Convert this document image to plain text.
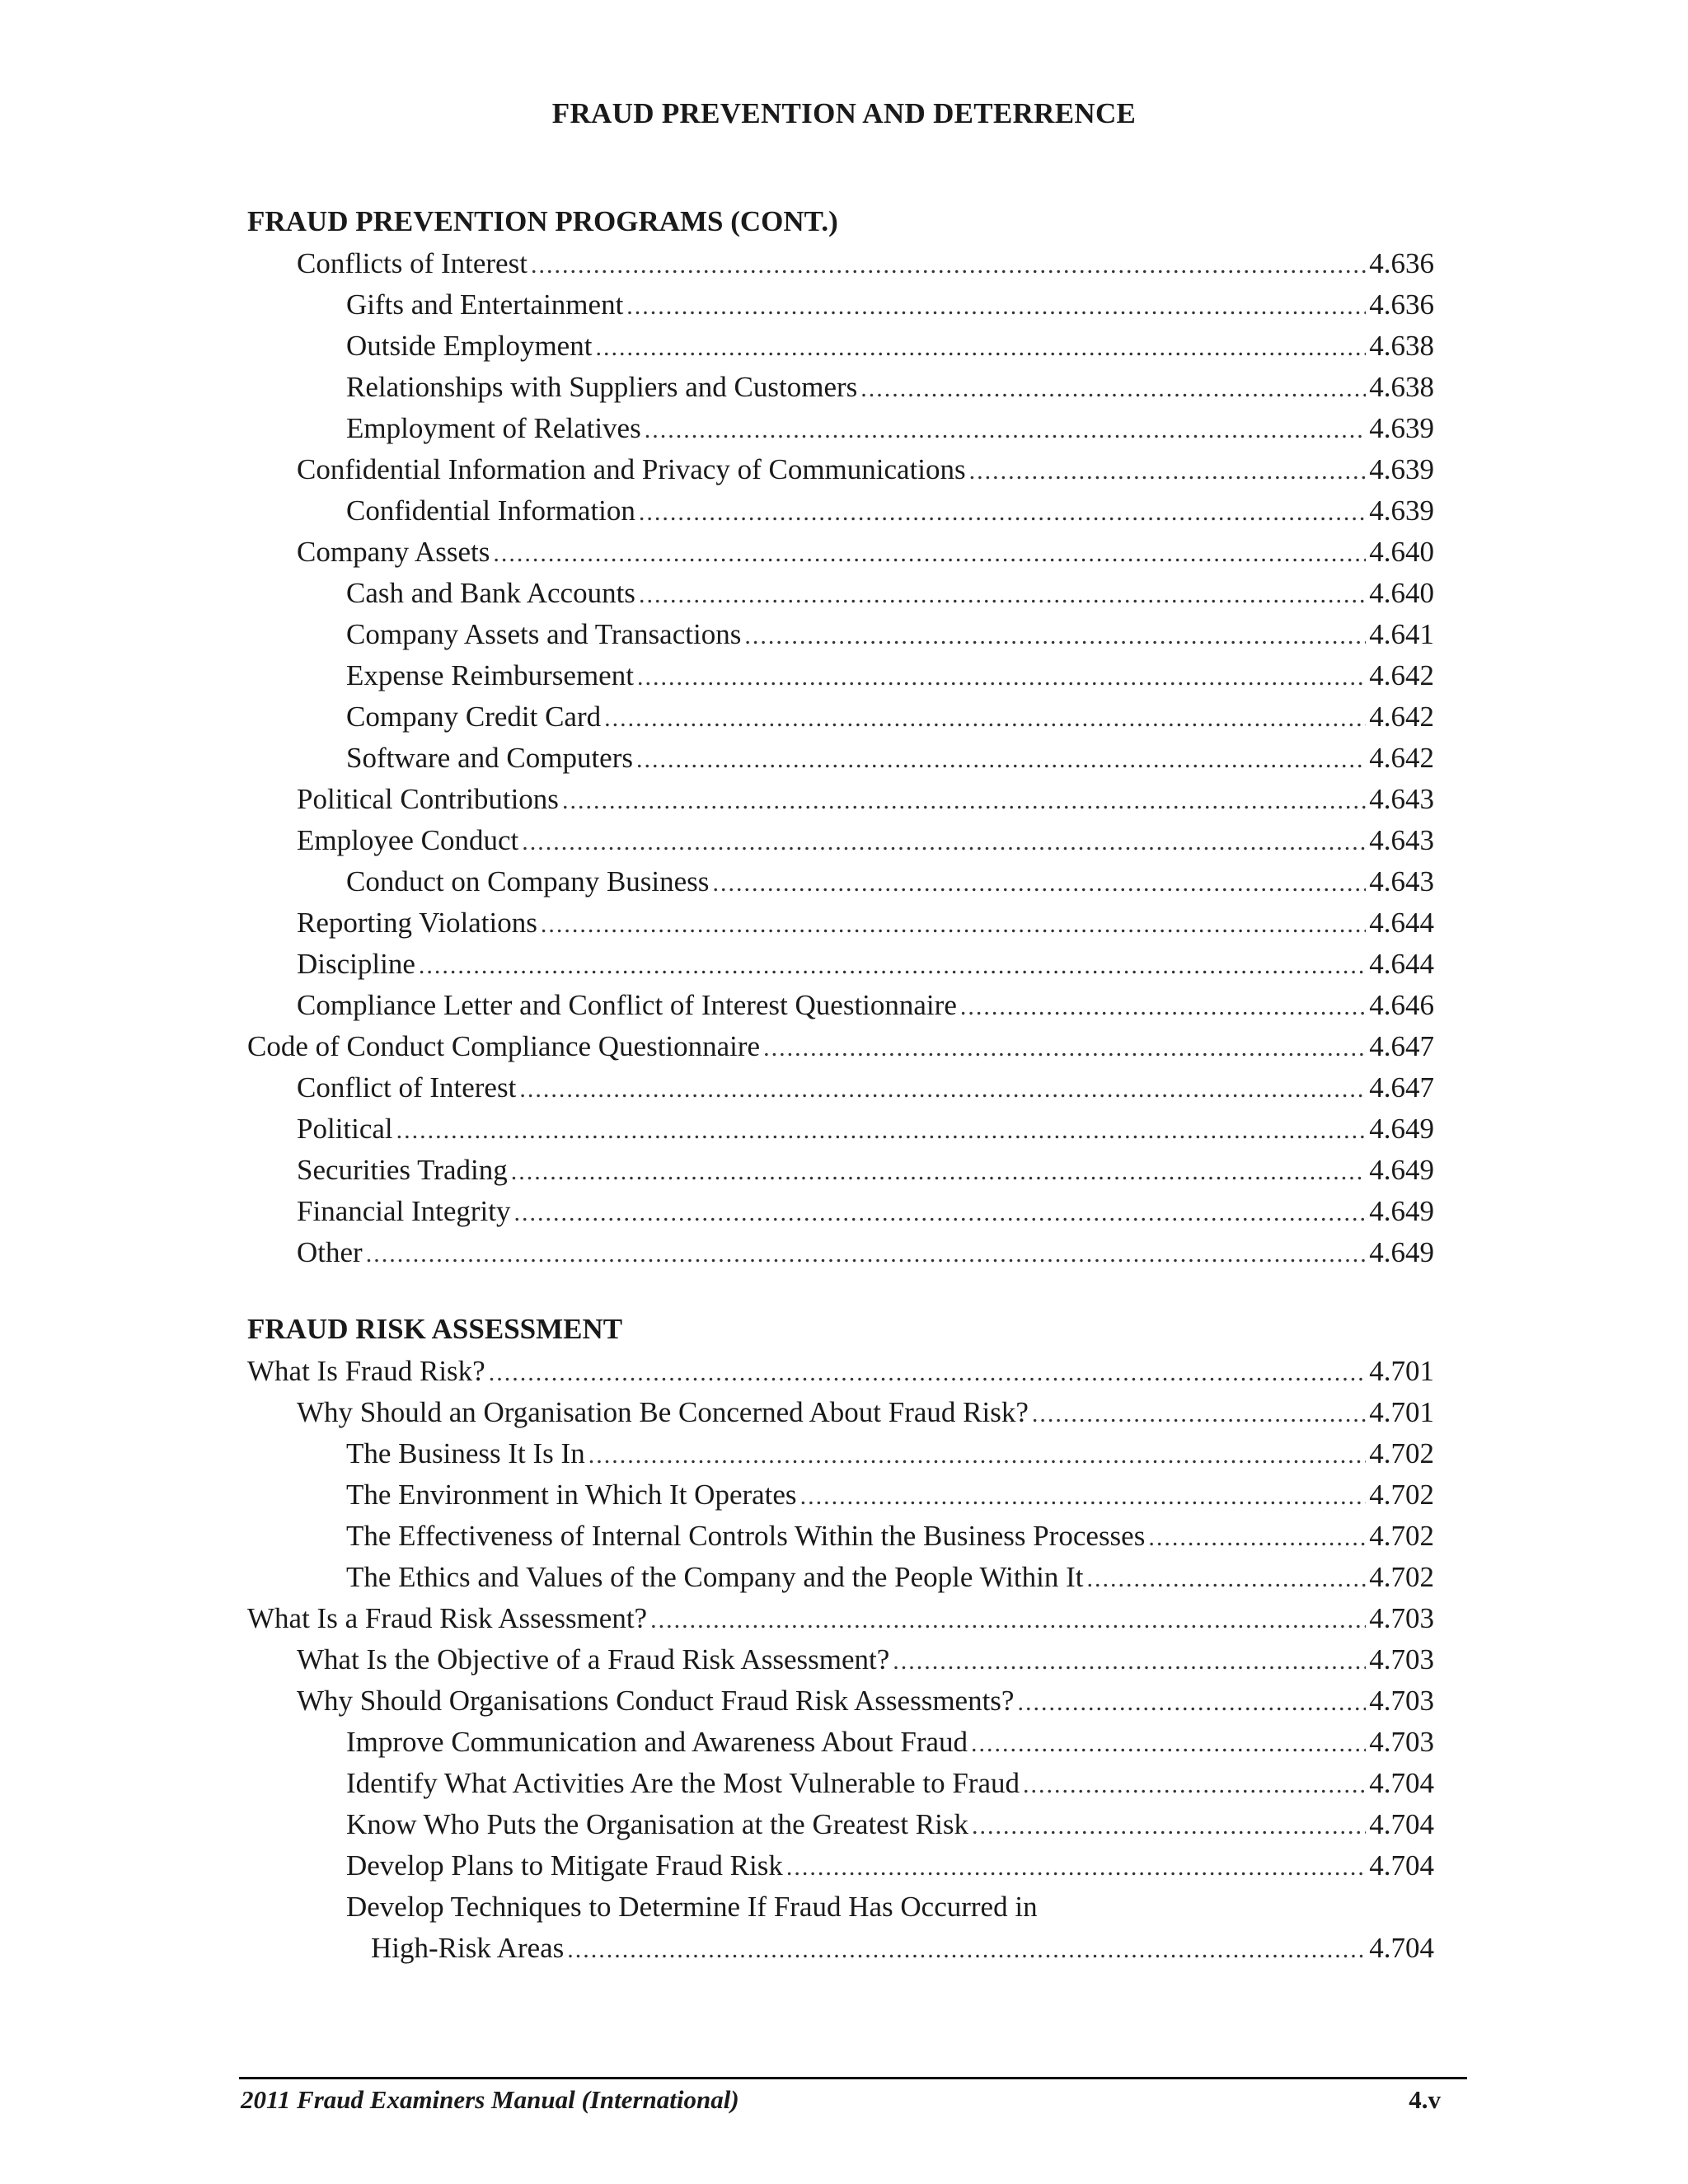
FRAUD PREVENTION AND DETERRENCE
FRAUD PREVENTION PROGRAMS (CONT.)
Conflicts of Interest .....	4.636
Gifts and Entertainment .....	4.636
Outside Employment .....	4.638
Relationships with Suppliers and Customers .....	4.638
Employment of Relatives .....	4.639
Confidential Information and Privacy of Communications .....	4.639
Confidential Information .....	4.639
Company Assets .....	4.640
Cash and Bank Accounts .....	4.640
Company Assets and Transactions .....	4.641
Expense Reimbursement .....	4.642
Company Credit Card .....	4.642
Software and Computers .....	4.642
Political Contributions .....	4.643
Employee Conduct .....	4.643
Conduct on Company Business .....	4.643
Reporting Violations .....	4.644
Discipline .....	4.644
Compliance Letter and Conflict of Interest Questionnaire .....	4.646
Code of Conduct Compliance Questionnaire .....	4.647
Conflict of Interest .....	4.647
Political .....	4.649
Securities Trading .....	4.649
Financial Integrity .....	4.649
Other .....	4.649
FRAUD RISK ASSESSMENT
What Is Fraud Risk? .....	4.701
Why Should an Organisation Be Concerned About Fraud Risk? .....	4.701
The Business It Is In .....	4.702
The Environment in Which It Operates .....	4.702
The Effectiveness of Internal Controls Within the Business Processes .....	4.702
The Ethics and Values of the Company and the People Within It .....	4.702
What Is a Fraud Risk Assessment? .....	4.703
What Is the Objective of a Fraud Risk Assessment? .....	4.703
Why Should Organisations Conduct Fraud Risk Assessments? .....	4.703
Improve Communication and Awareness About Fraud .....	4.703
Identify What Activities Are the Most Vulnerable to Fraud .....	4.704
Know Who Puts the Organisation at the Greatest Risk .....	4.704
Develop Plans to Mitigate Fraud Risk .....	4.704
Develop Techniques to Determine If Fraud Has Occurred in
High-Risk Areas .....	4.704
2011 Fraud Examiners Manual (International)	4.v
